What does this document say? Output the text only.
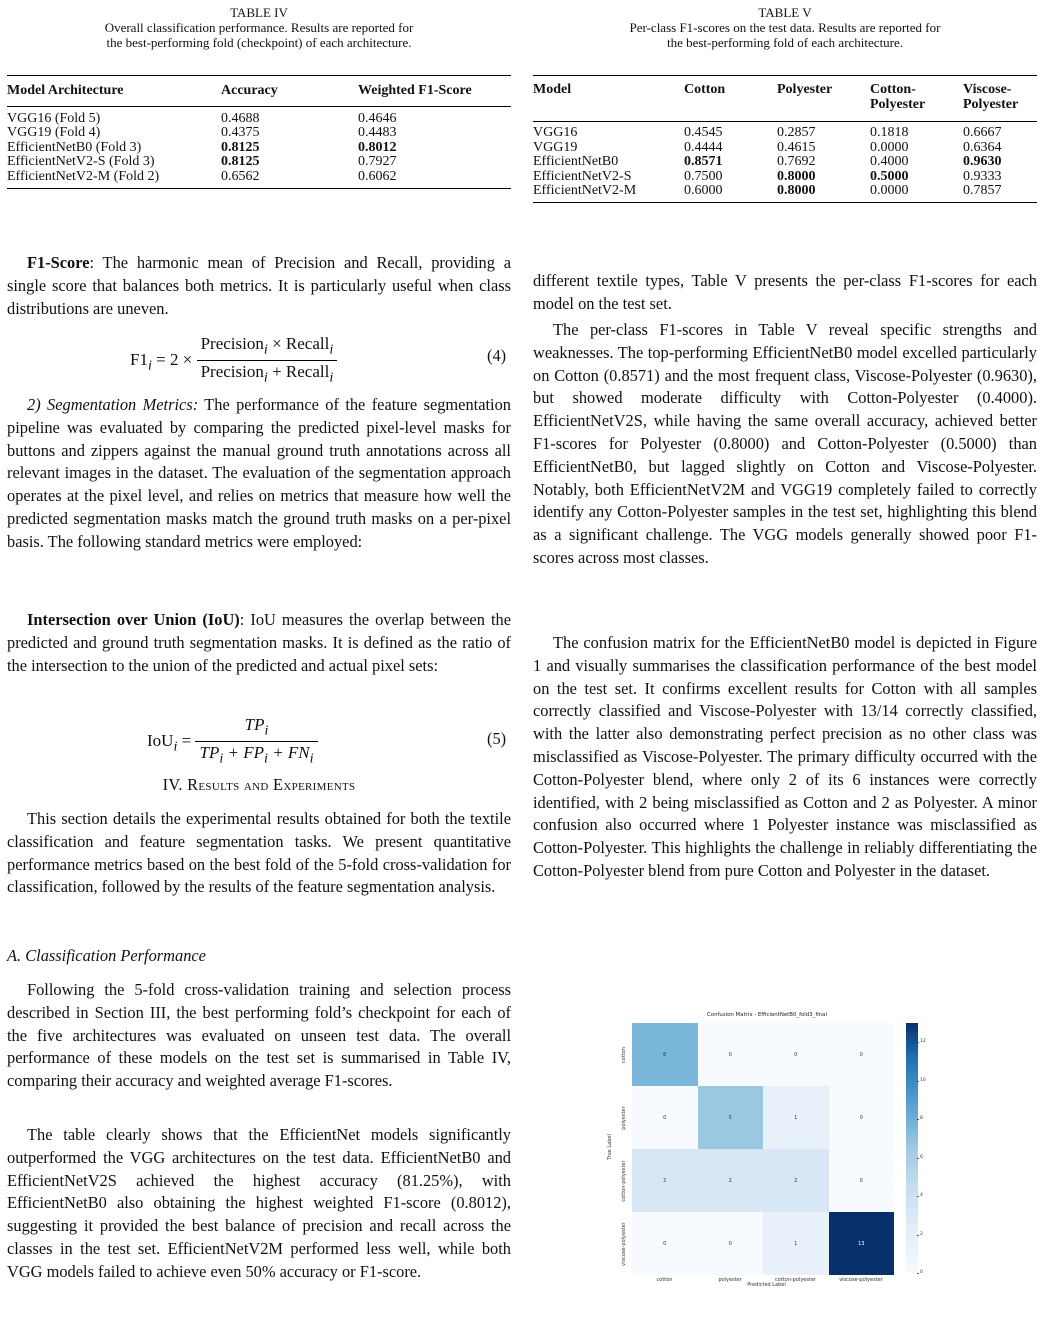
TABLE IV
Overall classification performance. Results are reported for
the best-performing fold (checkpoint) of each architecture.
Model Architecture	Accuracy	Weighted F1-Score
VGG16 (Fold 5)	0.4688	0.4646
VGG19 (Fold 4)	0.4375	0.4483
EfficientNetB0 (Fold 3)	0.8125	0.8012
EfficientNetV2-S (Fold 3)	0.8125	0.7927
EfficientNetV2-M (Fold 2)	0.6562	0.6062

F1-Score: The harmonic mean of Precision and Recall, providing a single score that balances both metrics. It is particularly useful when class distributions are uneven.

$F1_i = 2 \times \frac{Precision_i \times Recall_i}{Precision_i + Recall_i}$	(4)

2) Segmentation Metrics: The performance of the feature segmentation pipeline was evaluated by comparing the predicted pixel-level masks for buttons and zippers against the manual ground truth annotations across all relevant images in the dataset. The evaluation of the segmentation approach operates at the pixel level, and relies on metrics that measure how well the predicted segmentation masks match the ground truth masks on a per-pixel basis. The following standard metrics were employed:

Intersection over Union (IoU): IoU measures the overlap between the predicted and ground truth segmentation masks. It is defined as the ratio of the intersection to the union of the predicted and actual pixel sets:

$IoU_i = \frac{TP_i}{TP_i + FP_i + FN_i}$	(5)
IV. Results and Experiments

This section details the experimental results obtained for both the textile classification and feature segmentation tasks. We present quantitative performance metrics based on the best fold of the 5-fold cross-validation for classification, followed by the results of the feature segmentation analysis.

A. Classification Performance

Following the 5-fold cross-validation training and selection process described in Section III, the best performing fold’s checkpoint for each of the five architectures was evaluated on unseen test data. The overall performance of these models on the test set is summarised in Table IV, comparing their accuracy and weighted average F1-scores.

The table clearly shows that the EfficientNet models significantly outperformed the VGG architectures on the test data. EfficientNetB0 and EfficientNetV2S achieved the highest accuracy (81.25%), with EfficientNetB0 also obtaining the highest weighted F1-score (0.8012), suggesting it provided the best balance of precision and recall across the classes in the test set. EfficientNetV2M performed less well, while both VGG models failed to achieve even 50% accuracy or F1-score.

TABLE V
Per-class F1-scores on the test data. Results are reported for
the best-performing fold of each architecture.
Model	Cotton	Polyester	Cotton-	Viscose-
			Polyester	Polyester
VGG16	0.4545	0.2857	0.1818	0.6667
VGG19	0.4444	0.4615	0.0000	0.6364
EfficientNetB0	0.8571	0.7692	0.4000	0.9630
EfficientNetV2-S	0.7500	0.8000	0.5000	0.9333
EfficientNetV2-M	0.6000	0.8000	0.0000	0.7857

different textile types, Table V presents the per-class F1-scores for each model on the test set.

The per-class F1-scores in Table V reveal specific strengths and weaknesses. The top-performing EfficientNetB0 model excelled particularly on Cotton (0.8571) and the most frequent class, Viscose-Polyester (0.9630), but showed moderate difficulty with Cotton-Polyester (0.4000). EfficientNetV2S, while having the same overall accuracy, achieved better F1-scores for Polyester (0.8000) and Cotton-Polyester (0.5000) than EfficientNetB0, but lagged slightly on Cotton and Viscose-Polyester. Notably, both EfficientNetV2M and VGG19 completely failed to correctly identify any Cotton-Polyester samples in the test set, highlighting this blend as a significant challenge. The VGG models generally showed poor F1-scores across most classes.

The confusion matrix for the EfficientNetB0 model is depicted in Figure 1 and visually summarises the classification performance of the best model on the test set. It confirms excellent results for Cotton with all samples correctly classified and Viscose-Polyester with 13/14 correctly classified, with the latter also demonstrating perfect precision as no other class was misclassified as Viscose-Polyester. The primary difficulty occurred with the Cotton-Polyester blend, where only 2 of its 6 instances were correctly identified, with 2 being misclassified as Cotton and 2 as Polyester. A minor confusion also occurred where 1 Polyester instance was misclassified as Cotton-Polyester. This highlights the challenge in reliably differentiating the Cotton-Polyester blend from pure Cotton and Polyester in the dataset.

Confusion Matrix - EfficientNetB0_fold3_final
6	0	0	0
0	5	1	0
2	2	2	0
0	0	1	13
True Label
Predicted Label
0
2
4
6
8
10
12
cotton
polyester
cotton-polyester
viscose-polyester
cotton	polyester	cotton-polyester	viscose-polyester
